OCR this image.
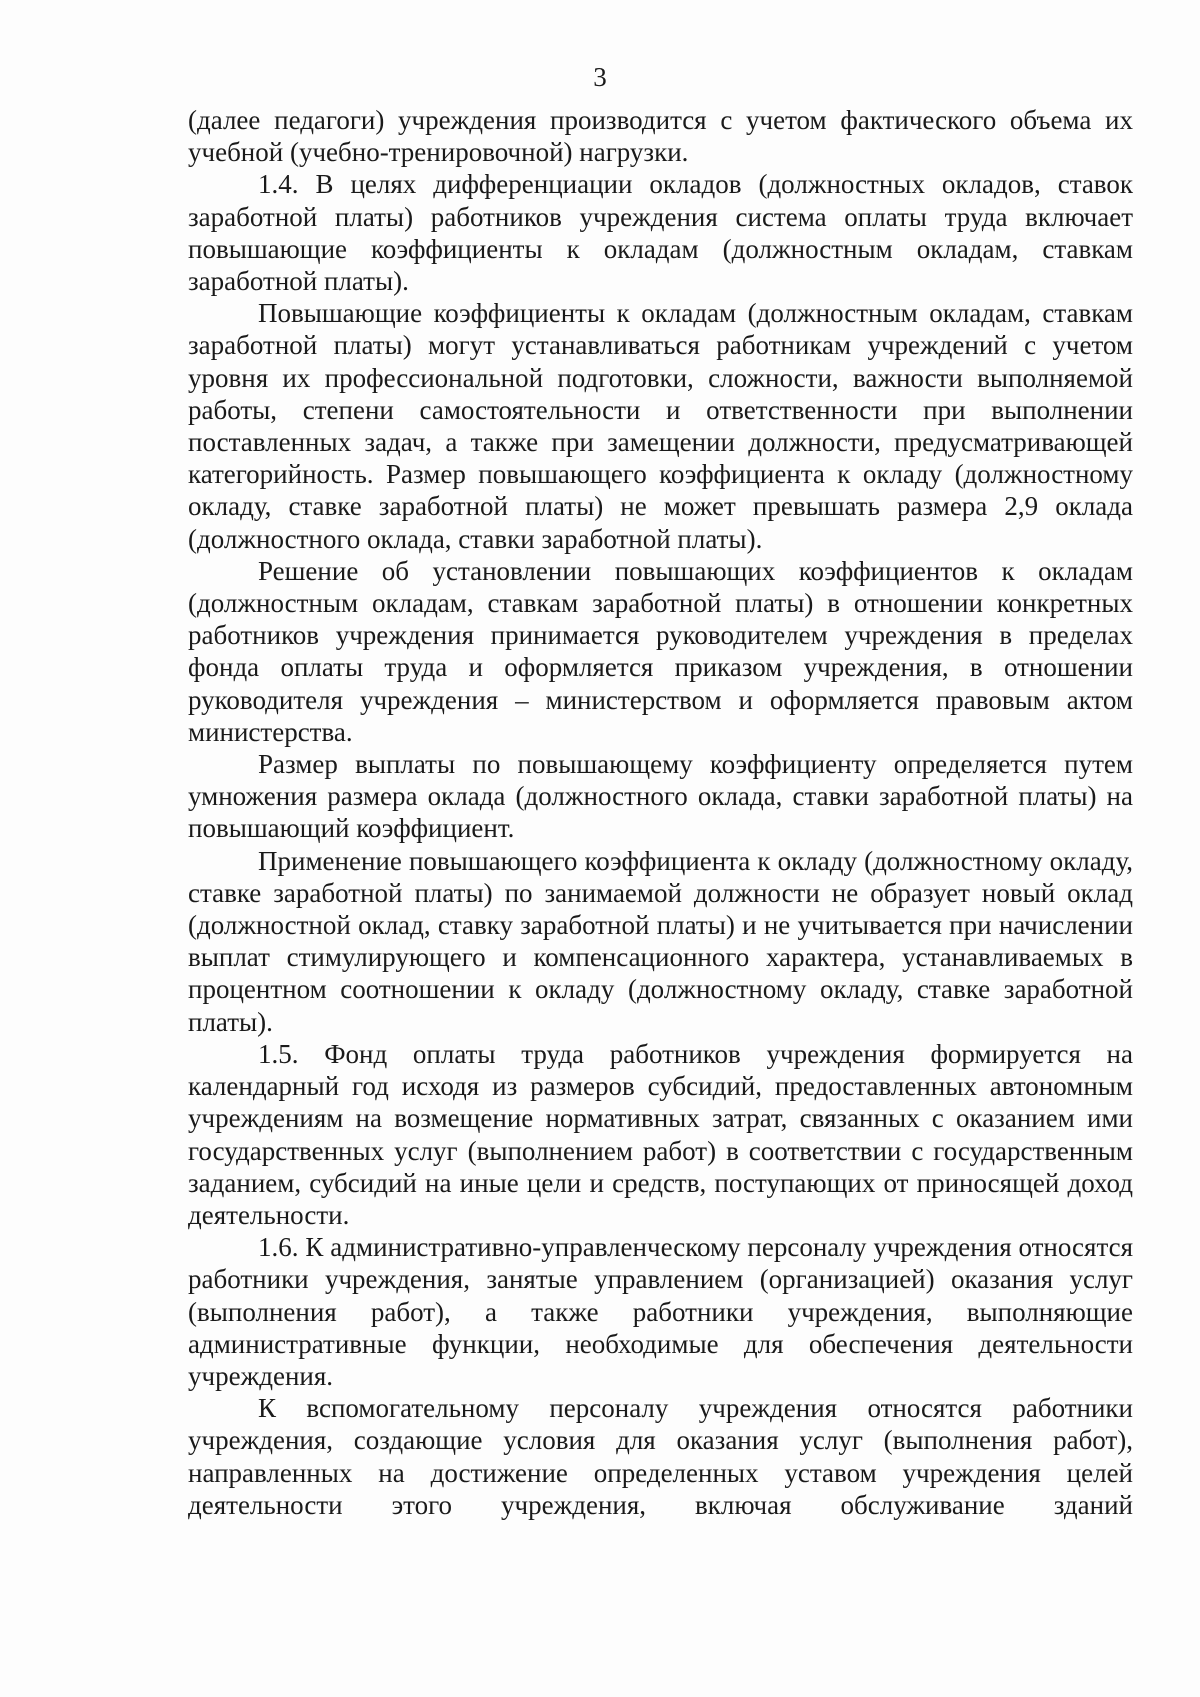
3

(далее педагоги) учреждения производится с учетом фактического объема их учебной (учебно-тренировочной) нагрузки.

1.4. В целях дифференциации окладов (должностных окладов, ставок заработной платы) работников учреждения система оплаты труда включает повышающие коэффициенты к окладам (должностным окладам, ставкам заработной платы).

Повышающие коэффициенты к окладам (должностным окладам, ставкам заработной платы) могут устанавливаться работникам учреждений с учетом уровня их профессиональной подготовки, сложности, важности выполняемой работы, степени самостоятельности и ответственности при выполнении поставленных задач, а также при замещении должности, предусматривающей категорийность. Размер повышающего коэффициента к окладу (должностному окладу, ставке заработной платы) не может превышать размера 2,9 оклада (должностного оклада, ставки заработной платы).

Решение об установлении повышающих коэффициентов к окладам (должностным окладам, ставкам заработной платы) в отношении конкретных работников учреждения принимается руководителем учреждения в пределах фонда оплаты труда и оформляется приказом учреждения, в отношении руководителя учреждения – министерством и оформляется правовым актом министерства.

Размер выплаты по повышающему коэффициенту определяется путем умножения размера оклада (должностного оклада, ставки заработной платы) на повышающий коэффициент.

Применение повышающего коэффициента к окладу (должностному окладу, ставке заработной платы) по занимаемой должности не образует новый оклад (должностной оклад, ставку заработной платы) и не учитывается при начислении выплат стимулирующего и компенсационного характера, устанавливаемых в процентном соотношении к окладу (должностному окладу, ставке заработной платы).

1.5. Фонд оплаты труда работников учреждения формируется на календарный год исходя из размеров субсидий, предоставленных автономным учреждениям на возмещение нормативных затрат, связанных с оказанием ими государственных услуг (выполнением работ) в соответствии с государственным заданием, субсидий на иные цели и средств, поступающих от приносящей доход деятельности.

1.6. К административно-управленческому персоналу учреждения относятся работники учреждения, занятые управлением (организацией) оказания услуг (выполнения работ), а также работники учреждения, выполняющие административные функции, необходимые для обеспечения деятельности учреждения.

К вспомогательному персоналу учреждения относятся работники учреждения, создающие условия для оказания услуг (выполнения работ), направленных на достижение определенных уставом учреждения целей деятельности этого учреждения, включая обслуживание зданий
